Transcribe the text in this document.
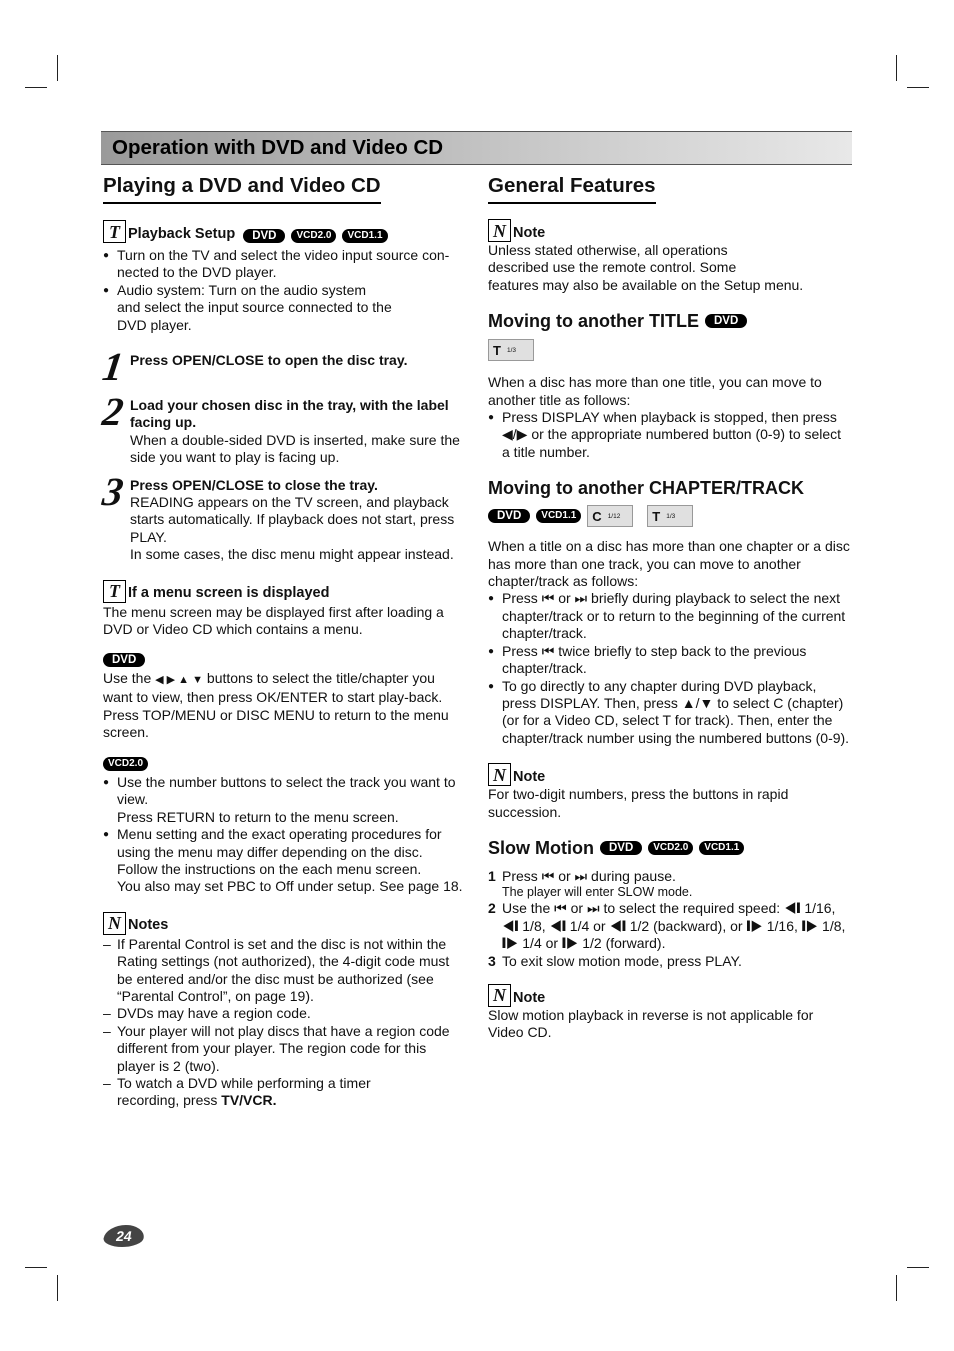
Operation with DVD and Video CD
Playing a DVD and Video CD
T Playback Setup	DVD	VCD2.0	VCD1.1

● Turn on the TV and select the video input source con-nected to the DVD player.

● Audio system: Turn on the audio system
and select the input source connected to the
DVD player.

1 Press OPEN/CLOSE to open the disc tray.

2 Load your chosen disc in the tray, with the label facing up.

When a double-sided DVD is inserted, make sure the side you want to play is facing up.

3 Press OPEN/CLOSE to close the tray.

READING appears on the TV screen, and playback starts automatically. If playback does not start, press PLAY.

In some cases, the disc menu might appear instead.

T If a menu screen is displayed

The menu screen may be displayed first after loading a DVD or Video CD which contains a menu.

DVD

Use the ◀ ▶ ▲ ▼ buttons to select the title/chapter you want to view, then press OK/ENTER to start play-back.

Press TOP/MENU or DISC MENU to return to the menu screen.

VCD2.0

● Use the number buttons to select the track you want to view.
Press RETURN to return to the menu screen.

● Menu setting and the exact operating procedures for using the menu may differ depending on the disc. Follow the instructions on the each menu screen.
You also may set PBC to Off under setup. See page 18.

N Notes

– If Parental Control is set and the disc is not within the Rating settings (not authorized), the 4-digit code must be entered and/or the disc must be authorized (see “Parental Control”, on page 19).

– DVDs may have a region code.

– Your player will not play discs that have a region code different from your player. The region code for this player is 2 (two).

– To watch a DVD while performing a timer recording, press TV/VCR.

General Features
N Note

Unless stated otherwise, all operations
described use the remote control. Some
features may also be available on the Setup menu.

Moving to another TITLE	DVD
T 1/3

When a disc has more than one title, you can move to another title as follows:

● Press DISPLAY when playback is stopped, then press ◀/▶ or the appropriate numbered button (0-9) to select a title number.

Moving to another CHAPTER/TRACK
DVD	VCD1.1	C 1/12 T 1/3

When a title on a disc has more than one chapter or a disc has more than one track, you can move to another chapter/track as follows:

● Press ⏮ or ⏭ briefly during playback to select the next chapter/track or to return to the beginning of the current chapter/track.

● Press ⏮ twice briefly to step back to the previous chapter/track.

● To go directly to any chapter during DVD playback, press DISPLAY. Then, press ▲/▼ to select C (chapter) (or for a Video CD, select T for track). Then, enter the chapter/track number using the numbered buttons (0-9).

N Note

For two-digit numbers, press the buttons in rapid succession.

Slow Motion	DVD	VCD2.0	VCD1.1

1 Press ⏮ or ⏭ during pause.

The player will enter SLOW mode.

2 Use the ⏮ or ⏭ to select the required speed: ◀❙ 1/16, ◀❙ 1/8, ◀❙ 1/4 or ◀❙ 1/2 (backward), or ❙▶ 1/16, ❙▶ 1/8, ❙▶ 1/4 or ❙▶ 1/2 (forward).

3 To exit slow motion mode, press PLAY.

N Note

Slow motion playback in reverse is not applicable for Video CD.

24
